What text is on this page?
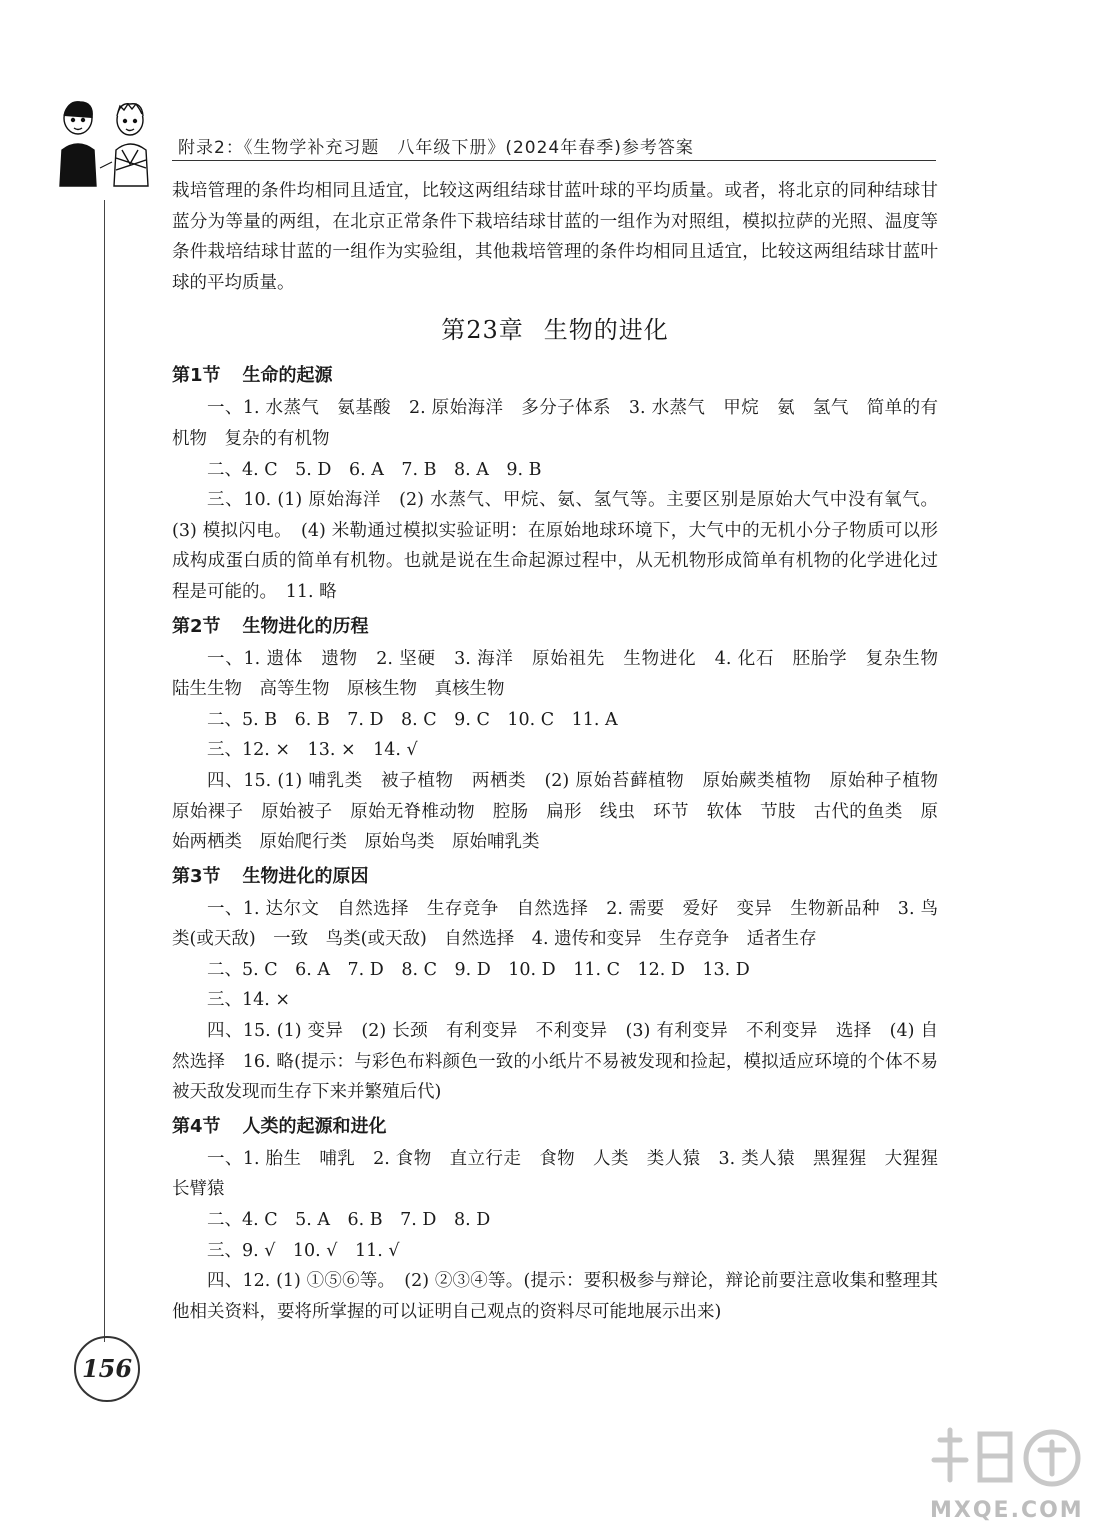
附录2：《生物学补充习题　八年级下册》(2024年春季)参考答案
156

栽培管理的条件均相同且适宜，比较这两组结球甘蓝叶球的平均质量。或者，将北京的同种结球甘蓝分为等量的两组，在北京正常条件下栽培结球甘蓝的一组作为对照组，模拟拉萨的光照、温度等条件栽培结球甘蓝的一组作为实验组，其他栽培管理的条件均相同且适宜，比较这两组结球甘蓝叶球的平均质量。

第23章 生物的进化
第1节 生命的起源

一、1. 水蒸气　氨基酸　2. 原始海洋　多分子体系　3. 水蒸气　甲烷　氨　氢气　简单的有机物　复杂的有机物

二、4. C　5. D　6. A　7. B　8. A　9. B

三、10. (1) 原始海洋　(2) 水蒸气、甲烷、氨、氢气等。主要区别是原始大气中没有氧气。(3) 模拟闪电。　(4) 米勒通过模拟实验证明：在原始地球环境下，大气中的无机小分子物质可以形成构成蛋白质的简单有机物。也就是说在生命起源过程中，从无机物形成简单有机物的化学进化过程是可能的。　11. 略

第2节 生物进化的历程

一、1. 遗体　遗物　2. 坚硬　3. 海洋　原始祖先　生物进化　4. 化石　胚胎学　复杂生物　陆生生物　高等生物　原核生物　真核生物

二、5. B　6. B　7. D　8. C　9. C　10. C　11. A

三、12. ×　13. ×　14. √

四、15. (1) 哺乳类　被子植物　两栖类　(2) 原始苔藓植物　原始蕨类植物　原始种子植物　原始裸子　原始被子　原始无脊椎动物　腔肠　扁形　线虫　环节　软体　节肢　古代的鱼类　原始两栖类　原始爬行类　原始鸟类　原始哺乳类

第3节 生物进化的原因

一、1. 达尔文　自然选择　生存竞争　自然选择　2. 需要　爱好　变异　生物新品种　3. 鸟类(或天敌)　一致　鸟类(或天敌)　自然选择　4. 遗传和变异　生存竞争　适者生存

二、5. C　6. A　7. D　8. C　9. D　10. D　11. C　12. D　13. D

三、14. ×

四、15. (1) 变异　(2) 长颈　有利变异　不利变异　(3) 有利变异　不利变异　选择　(4) 自然选择　16. 略(提示：与彩色布料颜色一致的小纸片不易被发现和捡起，模拟适应环境的个体不易被天敌发现而生存下来并繁殖后代)

第4节 人类的起源和进化

一、1. 胎生　哺乳　2. 食物　直立行走　食物　人类　类人猿　3. 类人猿　黑猩猩　大猩猩　长臂猿

二、4. C　5. A　6. B　7. D　8. D

三、9. √　10. √　11. √

四、12. (1) ①⑤⑥等。　(2) ②③④等。(提示：要积极参与辩论，辩论前要注意收集和整理其他相关资料，要将所掌握的可以证明自己观点的资料尽可能地展示出来)

MXQE.COM
